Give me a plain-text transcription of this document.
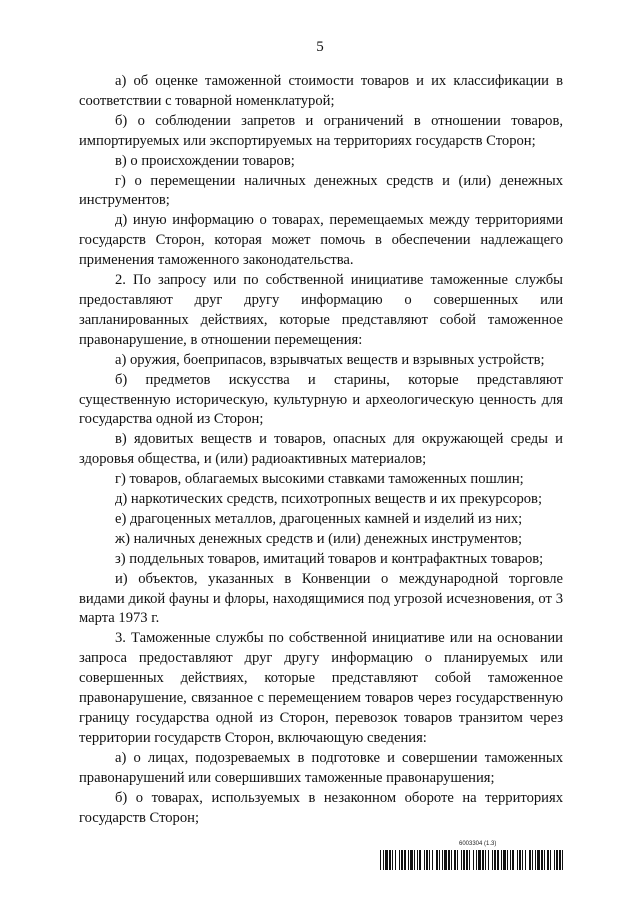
5

а) об оценке таможенной стоимости товаров и их классификации в соответствии с товарной номенклатурой;

б) о соблюдении запретов и ограничений в отношении товаров, импортируемых или экспортируемых на территориях государств Сторон;

в) о происхождении товаров;

г) о перемещении наличных денежных средств и (или) денежных инструментов;

д) иную информацию о товарах, перемещаемых между территориями государств Сторон, которая может помочь в обеспечении надлежащего применения таможенного законодательства.

2. По запросу или по собственной инициативе таможенные службы предоставляют друг другу информацию о совершенных или запланированных действиях, которые представляют собой таможенное правонарушение, в отношении перемещения:

а) оружия, боеприпасов, взрывчатых веществ и взрывных устройств;

б) предметов искусства и старины, которые представляют существенную историческую, культурную и археологическую ценность для государства одной из Сторон;

в) ядовитых веществ и товаров, опасных для окружающей среды и здоровья общества, и (или) радиоактивных материалов;

г) товаров, облагаемых высокими ставками таможенных пошлин;

д) наркотических средств, психотропных веществ и их прекурсоров;

е) драгоценных металлов, драгоценных камней и изделий из них;

ж) наличных денежных средств и (или) денежных инструментов;

з) поддельных товаров, имитаций товаров и контрафактных товаров;

и) объектов, указанных в Конвенции о международной торговле видами дикой фауны и флоры, находящимися под угрозой исчезновения, от 3 марта 1973 г.

3. Таможенные службы по собственной инициативе или на основании запроса предоставляют друг другу информацию о планируемых или совершенных действиях, которые представляют собой таможенное правонарушение, связанное с перемещением товаров через государственную границу государства одной из Сторон, перевозок товаров транзитом через территории государств Сторон, включающую сведения:

а) о лицах, подозреваемых в подготовке и совершении таможенных правонарушений или совершивших таможенные правонарушения;

б) о товарах, используемых в незаконном обороте на территориях государств Сторон;

6003304 (1.3)
